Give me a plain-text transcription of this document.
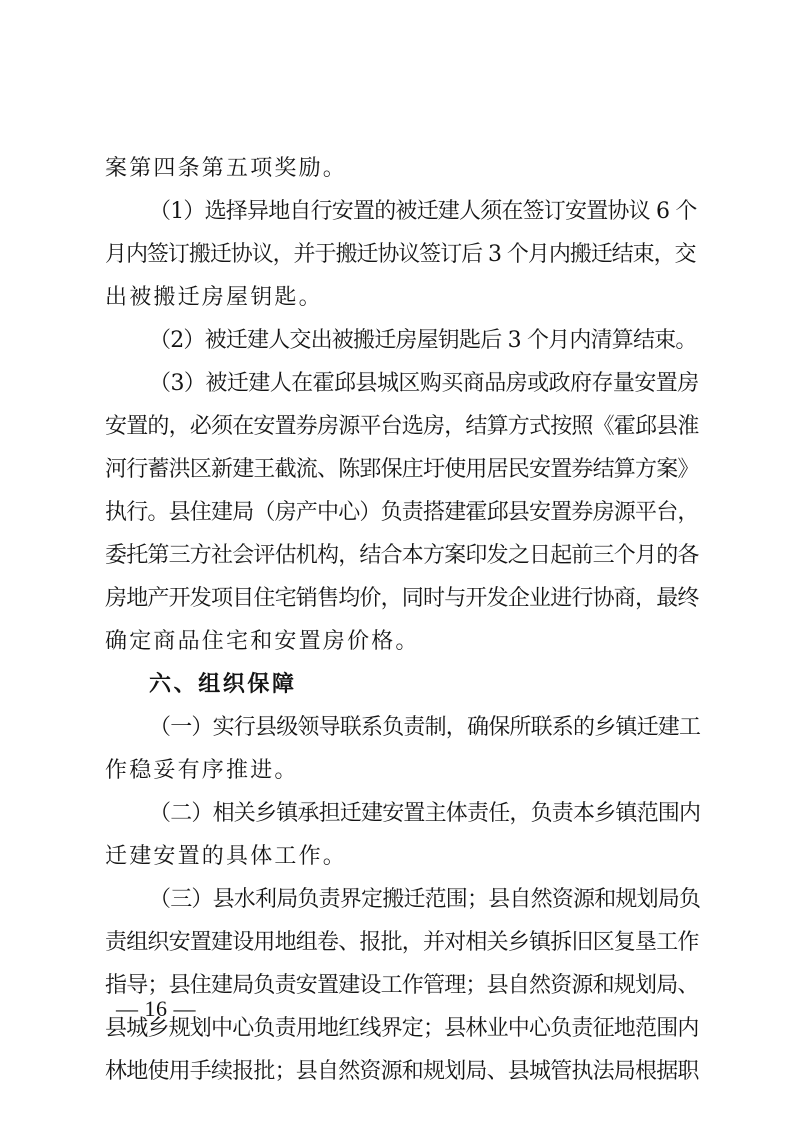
案第四条第五项奖励。
（1）选择异地自行安置的被迁建人须在签订安置协议 6 个
月内签订搬迁协议，并于搬迁协议签订后 3 个月内搬迁结束，交
出被搬迁房屋钥匙。
（2）被迁建人交出被搬迁房屋钥匙后 3 个月内清算结束。
（3）被迁建人在霍邱县城区购买商品房或政府存量安置房
安置的，必须在安置券房源平台选房，结算方式按照《霍邱县淮
河行蓄洪区新建王截流、陈郢保庄圩使用居民安置券结算方案》
执行。县住建局（房产中心）负责搭建霍邱县安置券房源平台，
委托第三方社会评估机构，结合本方案印发之日起前三个月的各
房地产开发项目住宅销售均价，同时与开发企业进行协商，最终
确定商品住宅和安置房价格。
六、组织保障
（一）实行县级领导联系负责制，确保所联系的乡镇迁建工
作稳妥有序推进。
（二）相关乡镇承担迁建安置主体责任，负责本乡镇范围内
迁建安置的具体工作。
（三）县水利局负责界定搬迁范围；县自然资源和规划局负
责组织安置建设用地组卷、报批，并对相关乡镇拆旧区复垦工作
指导；县住建局负责安置建设工作管理；县自然资源和规划局、
县城乡规划中心负责用地红线界定；县林业中心负责征地范围内
林地使用手续报批；县自然资源和规划局、县城管执法局根据职
— 16 —
